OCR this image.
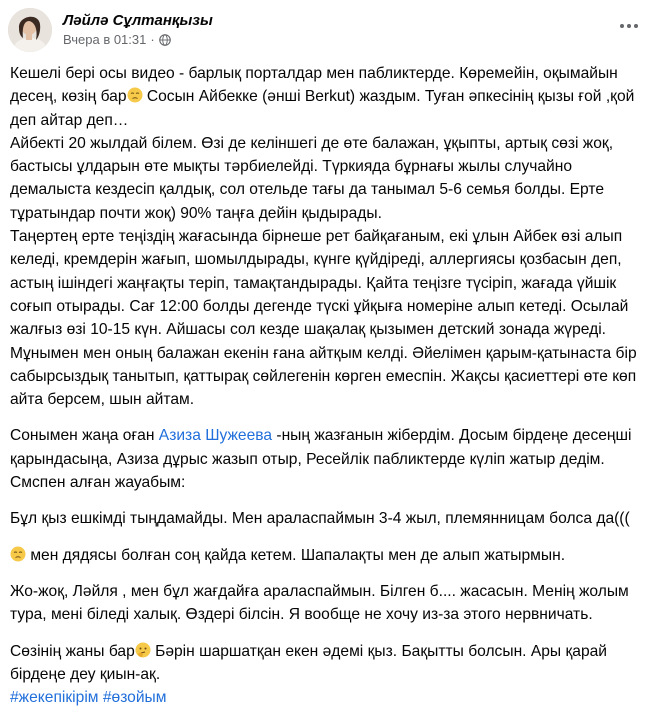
Ләйлә Сұлтанқызы
Вчера в 01:31 ·

Кешелі бері осы видео - барлық порталдар мен пабликтерде. Көремейін, оқымайын десең, көзің бар Сосын Айбекке (әнші Berkut) жаздым. Туған әпкесінің қызы ғой ,қой деп айтар деп…

Айбекті 20 жылдай білем. Өзі де келіншегі де өте балажан, ұқыпты, артық сөзі жоқ, бастысы ұлдарын өте мықты тәрбиелейді. Түркияда бұрнағы жылы случайно демалыста кездесіп қалдық, сол отельде тағы да танымал 5-6 семья болды. Ерте тұратындар почти жоқ) 90% таңға дейін қыдырады.

Таңертең ерте теңіздің жағасында бірнеше рет байқағаным, екі ұлын Айбек өзі алып келеді, кремдерін жағып, шомылдырады, күнге қүйдіреді, аллергиясы қозбасын деп, астың ішіндегі жаңғақты теріп, тамақтандырады. Қайта теңізге түсіріп, жағада үйшік соғып отырады. Сағ 12:00 болды дегенде түскі ұйқыға номеріне алып кетеді. Осылай жалғыз өзі 10-15 күн. Айшасы сол кезде шақалақ қызымен детский зонада жүреді. Мұнымен мен оның балажан екенін ғана айтқым келді. Әйелімен қарым-қатынаста бір сабырсыздық танытып, қаттырақ сөйлегенін көрген емеспін. Жақсы қасиеттері өте көп айта берсем, шын айтам.

Сонымен жаңа оған Азиза Шужеева -ның жазғанын жібердім. Досым бірдеңе десеңші қарындасыңа, Азиза дұрыс жазып отыр, Ресейлік пабликтерде күліп жатыр дедім. Смспен алған жауабым:

Бұл қыз ешкімді тыңдамайды. Мен араласпаймын 3-4 жыл, племянницам болса да(((

мен дядясы болған соң қайда кетем. Шапалақты мен де алып жатырмын.

Жо-жоқ, Ләйля , мен бұл жағдайға араласпаймын. Білген б.... жасасын. Менің жолым тура, мені біледі халық. Өздері білсін. Я вообще не хочу из-за этого нервничать.

Сөзінің жаны бар Бәрін шаршатқан екен әдемі қыз. Бақытты болсын. Ары қарай бірдеңе деу қиын-ақ.

#жекепікірім #өзойым
